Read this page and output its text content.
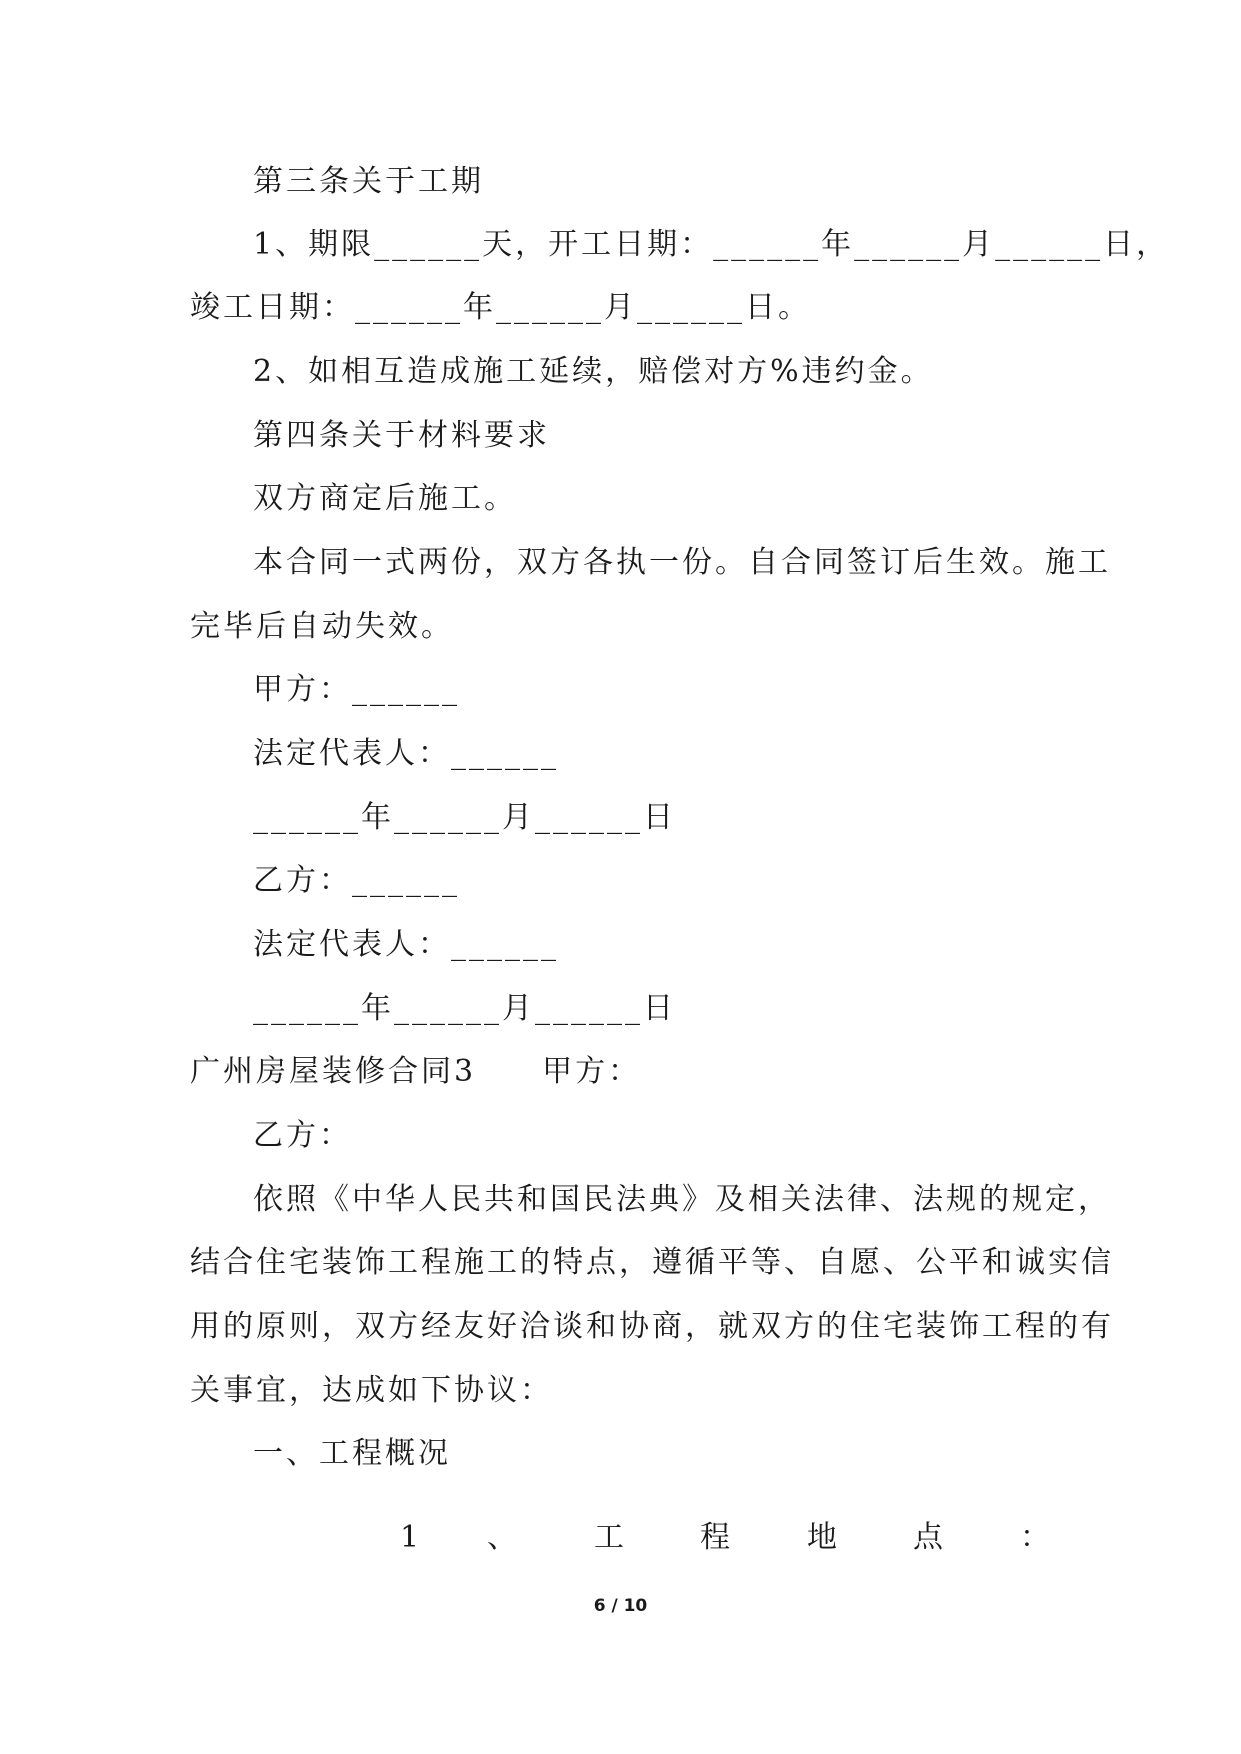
第三条关于工期
1、期限______天，开工日期：______年______月______日，
竣工日期：______年______月______日。
2、如相互造成施工延续，赔偿对方%违约金。
第四条关于材料要求
双方商定后施工。
本合同一式两份，双方各执一份。自合同签订后生效。施工
完毕后自动失效。
甲方：______
法定代表人：______
______年______月______日
乙方：______
法定代表人：______
______年______月______日
广州房屋装修合同3　　甲方：
乙方：
依照《中华人民共和国民法典》及相关法律、法规的规定，
结合住宅装饰工程施工的特点，遵循平等、自愿、公平和诚实信
用的原则，双方经友好洽谈和协商，就双方的住宅装饰工程的有
关事宜，达成如下协议：
一、工程概况
1 、	工	程	地	点	：
6 / 10
